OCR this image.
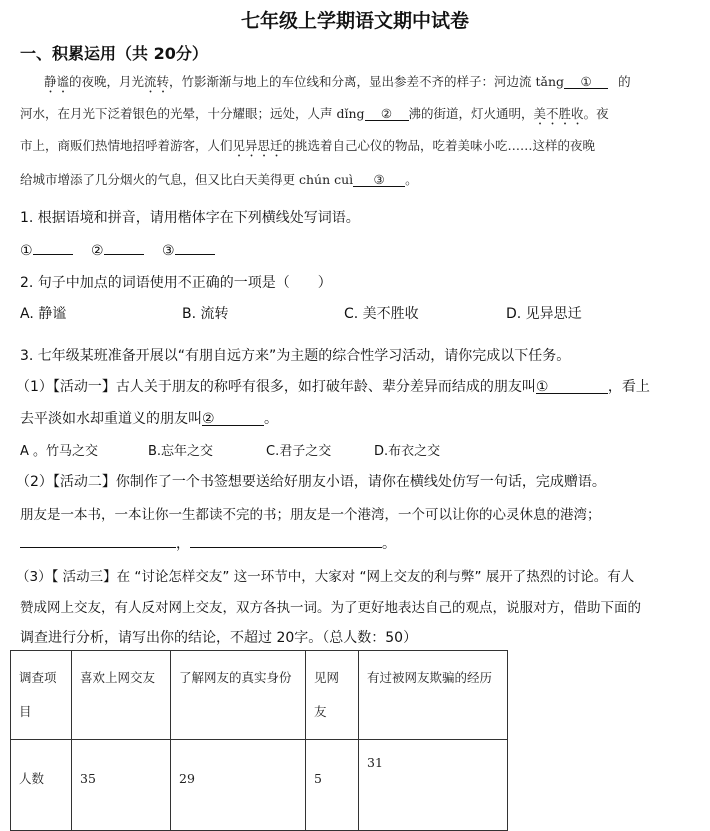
七年级上学期语文期中试卷
一、积累运用（共 20分）
静谧的夜晚，月光流转，竹影渐渐与地上的车位线和分离，显出参差不齐的样子：河边流 tǎng ① 的
河水，在月光下泛着银色的光晕，十分耀眼；远处，人声 dǐng ② 沸的街道，灯火通明，美不胜收。夜
市上，商贩们热情地招呼着游客，人们见异思迁的挑选着自己心仪的物品，吃着美味小吃……这样的夜晚
给城市增添了几分烟火的气息，但又比白天美得更 chún cuì ③ 。
1. 根据语境和拼音，请用楷体字在下列横线处写词语。
①	②	③
2. 句子中加点的词语使用不正确的一项是（　　）
A. 静谧	B. 流转	C. 美不胜收	D. 见异思迁
3. 七年级某班准备开展以“有朋自远方来”为主题的综合性学习活动，请你完成以下任务。
（1）【活动一】古人关于朋友的称呼有很多，如打破年龄、辈分差异而结成的朋友叫①	，看上
去平淡如水却重道义的朋友叫②	。
A 。竹马之交	B.忘年之交	C.君子之交	D.布衣之交
（2）【活动二】你制作了一个书签想要送给好朋友小语，请你在横线处仿写一句话，完成赠语。
朋友是一本书，一本让你一生都读不完的书；朋友是一个港湾，一个可以让你的心灵休息的港湾；
，	。
（3）【 活动三】在 “讨论怎样交友” 这一环节中，大家对 “网上交友的利与弊” 展开了热烈的讨论。有人
赞成网上交友，有人反对网上交友，双方各执一词。为了更好地表达自己的观点，说服对方，借助下面的
调查进行分析，请写出你的结论，不超过 20字。（总人数：50）
调查项目	喜欢上网交友	了解网友的真实身份	见网友	有过被网友欺骗的经历
人数	35	29	5	31
